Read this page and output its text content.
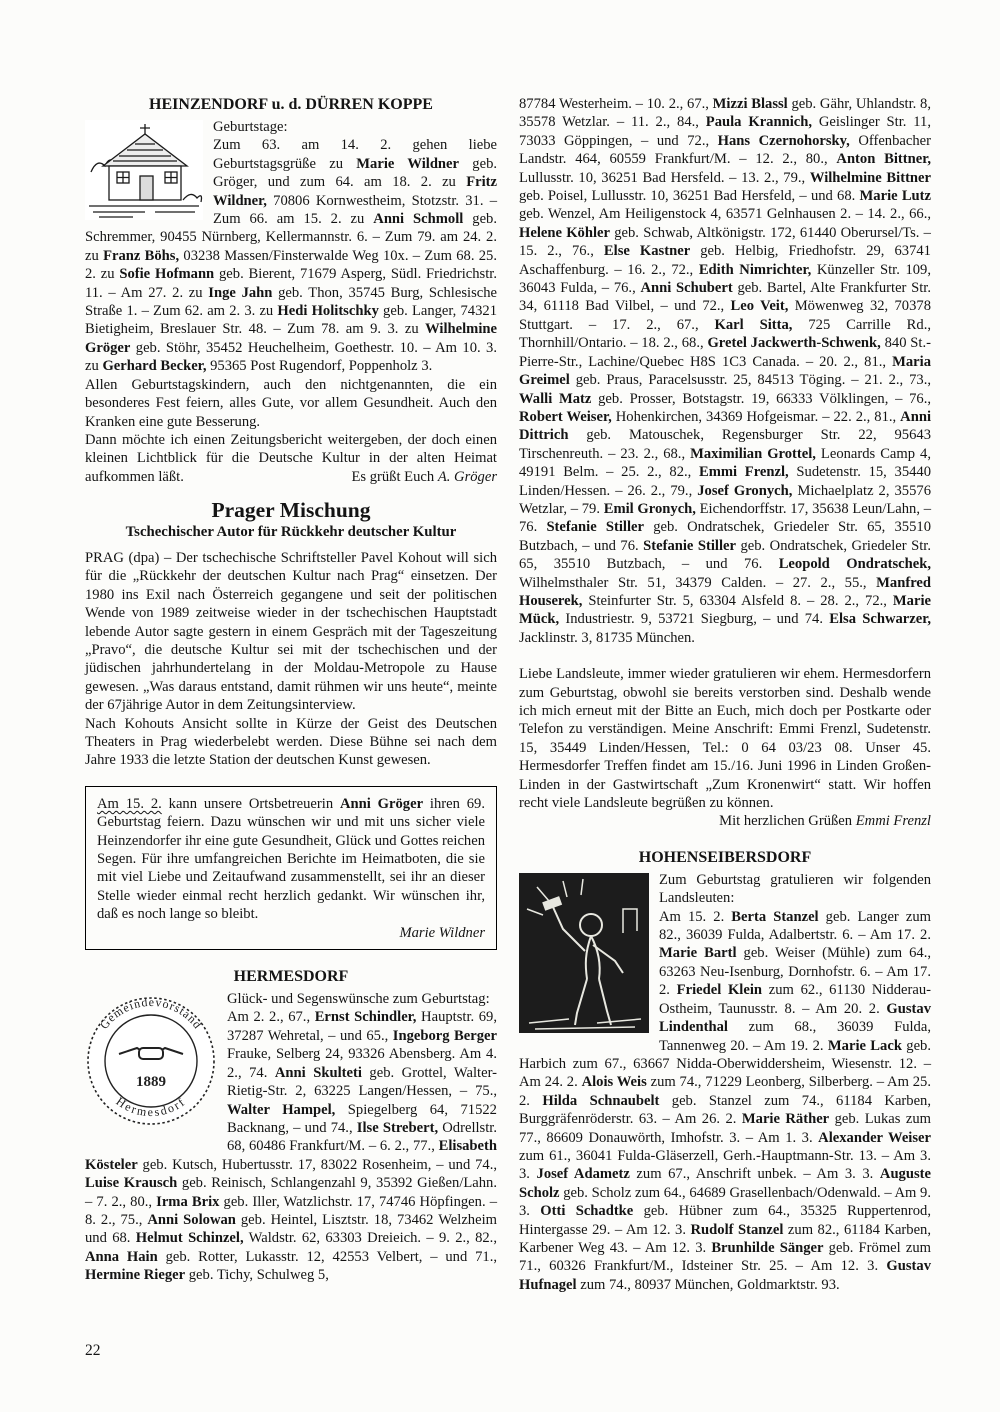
HEINZENDORF u. d. DÜRREN KOPPE
Geburtstage:
Zum 63. am 14. 2. gehen liebe Geburtstagsgrüße zu Marie Wildner geb. Gröger, und zum 64. am 18. 2. zu Fritz Wildner, 70806 Kornwestheim, Stotzstr. 31. – Zum 66. am 15. 2. zu Anni Schmoll geb. Schremmer, 90455 Nürnberg, Kellermannstr. 6. – Zum 79. am 24. 2. zu Franz Böhs, 03238 Massen/Finsterwalde Weg 10x. – Zum 68. 25. 2. zu Sofie Hofmann geb. Bierent, 71679 Asperg, Südl. Friedrichstr. 11. – Am 27. 2. zu Inge Jahn geb. Thon, 35745 Burg, Schlesische Straße 1. – Zum 62. am 2. 3. zu Hedi Holitschky geb. Langer, 74321 Bietigheim, Breslauer Str. 48. – Zum 78. am 9. 3. zu Wilhelmine Gröger geb. Stöhr, 35452 Heuchelheim, Goethestr. 10. – Am 10. 3. zu Gerhard Becker, 95365 Post Rugendorf, Poppenholz 3.
Allen Geburtstagskindern, auch den nichtgenannten, die ein besonderes Fest feiern, alles Gute, vor allem Gesundheit. Auch den Kranken eine gute Besserung.
Dann möchte ich einen Zeitungsbericht weitergeben, der doch einen kleinen Lichtblick für die Deutsche Kultur in der alten Heimat aufkommen läßt.	Es grüßt Euch A. Gröger
Prager Mischung
Tschechischer Autor für Rückkehr deutscher Kultur
PRAG (dpa) – Der tschechische Schriftsteller Pavel Kohout will sich für die „Rückkehr der deutschen Kultur nach Prag“ einsetzen. Der 1980 ins Exil nach Österreich gegangene und seit der politischen Wende von 1989 zeitweise wieder in der tschechischen Hauptstadt lebende Autor sagte gestern in einem Gespräch mit der Tageszeitung „Pravo“, die deutsche Kultur sei mit der tschechischen und der jüdischen jahrhundertelang in der Moldau-Metropole zu Hause gewesen. „Was daraus entstand, damit rühmen wir uns heute“, meinte der 67jährige Autor in dem Zeitungsinterview.
Nach Kohouts Ansicht sollte in Kürze der Geist des Deutschen Theaters in Prag wiederbelebt werden. Diese Bühne sei nach dem Jahre 1933 die letzte Station der deutschen Kunst gewesen.
Am 15. 2. kann unsere Ortsbetreuerin Anni Gröger ihren 69. Geburtstag feiern. Dazu wünschen wir und mit uns sicher viele Heinzendorfer ihr eine gute Gesundheit, Glück und Gottes reichen Segen. Für ihre umfangreichen Berichte im Heimatboten, die sie mit viel Liebe und Zeitaufwand zusammenstellt, sei ihr an dieser Stelle wieder einmal recht herzlich gedankt. Wir wünschen ihr, daß es noch lange so bleibt.
Marie Wildner
HERMESDORF
Gemeindevorstand
Hermesdorf
1889
Glück- und Segenswünsche zum Geburtstag:
Am 2. 2., 67., Ernst Schindler, Hauptstr. 69, 37287 Wehretal, – und 65., Ingeborg Berger Frauke, Selberg 24, 93326 Abensberg. Am 4. 2., 74. Anni Skulteti geb. Grottel, Walter-Rietig-Str. 2, 63225 Langen/Hessen, – 75., Walter Hampel, Spiegelberg 64, 71522 Backnang, – und 74., Ilse Strebert, Odrellstr. 68, 60486 Frankfurt/M. – 6. 2., 77., Elisabeth Kösteler geb. Kutsch, Hubertusstr. 17, 83022 Rosenheim, – und 74., Luise Krausch geb. Reinisch, Schlangenzahl 9, 35392 Gießen/Lahn. – 7. 2., 80., Irma Brix geb. Iller, Watzlichstr. 17, 74746 Höpfingen. – 8. 2., 75., Anni Solowan geb. Heintel, Lisztstr. 18, 73462 Welzheim und 68. Helmut Schinzel, Waldstr. 62, 63303 Dreieich. – 9. 2., 82., Anna Hain geb. Rotter, Lukasstr. 12, 42553 Velbert, – und 71., Hermine Rieger geb. Tichy, Schulweg 5,
87784 Westerheim. – 10. 2., 67., Mizzi Blassl geb. Gähr, Uhlandstr. 8, 35578 Wetzlar. – 11. 2., 84., Paula Krannich, Geislinger Str. 11, 73033 Göppingen, – und 72., Hans Czernohorsky, Offenbacher Landstr. 464, 60559 Frankfurt/M. – 12. 2., 80., Anton Bittner, Lullusstr. 10, 36251 Bad Hersfeld. – 13. 2., 79., Wilhelmine Bittner geb. Poisel, Lullusstr. 10, 36251 Bad Hersfeld, – und 68. Marie Lutz geb. Wenzel, Am Heiligenstock 4, 63571 Gelnhausen 2. – 14. 2., 66., Helene Köhler geb. Schwab, Altkönigstr. 172, 61440 Oberursel/Ts. – 15. 2., 76., Else Kastner geb. Helbig, Friedhofstr. 29, 63741 Aschaffenburg. – 16. 2., 72., Edith Nimrichter, Künzeller Str. 109, 36043 Fulda, – 76., Anni Schubert geb. Bartel, Alte Frankfurter Str. 34, 61118 Bad Vilbel, – und 72., Leo Veit, Möwenweg 32, 70378 Stuttgart. – 17. 2., 67., Karl Sitta, 725 Carrille Rd., Thornhill/Ontario. – 18. 2., 68., Gretel Jackwerth-Schwenk, 840 St.-Pierre-Str., Lachine/Quebec H8S 1C3 Canada. – 20. 2., 81., Maria Greimel geb. Praus, Paracelsusstr. 25, 84513 Töging. – 21. 2., 73., Walli Matz geb. Prosser, Botstagstr. 19, 66333 Völklingen, – 76., Robert Weiser, Hohenkirchen, 34369 Hofgeismar. – 22. 2., 81., Anni Dittrich geb. Matouschek, Regensburger Str. 22, 95643 Tirschenreuth. – 23. 2., 68., Maximilian Grottel, Leonards Camp 4, 49191 Belm. – 25. 2., 82., Emmi Frenzl, Sudetenstr. 15, 35440 Linden/Hessen. – 26. 2., 79., Josef Gronych, Michaelplatz 2, 35576 Wetzlar, – 79. Emil Gronych, Eichendorffstr. 17, 35638 Leun/Lahn, – 76. Stefanie Stiller geb. Ondratschek, Griedeler Str. 65, 35510 Butzbach, – und 76. Stefanie Stiller geb. Ondratschek, Griedeler Str. 65, 35510 Butzbach, – und 76. Leopold Ondratschek, Wilhelmsthaler Str. 51, 34379 Calden. – 27. 2., 55., Manfred Houserek, Steinfurter Str. 5, 63304 Alsfeld 8. – 28. 2., 72., Marie Mück, Industriestr. 9, 53721 Siegburg, – und 74. Elsa Schwarzer, Jacklinstr. 3, 81735 München.
Liebe Landsleute, immer wieder gratulieren wir ehem. Hermesdorfern zum Geburtstag, obwohl sie bereits verstorben sind. Deshalb wende ich mich erneut mit der Bitte an Euch, mich doch per Postkarte oder Telefon zu verständigen. Meine Anschrift: Emmi Frenzl, Sudetenstr. 15, 35449 Linden/Hessen, Tel.: 0 64 03/23 08. Unser 45. Hermesdorfer Treffen findet am 15./16. Juni 1996 in Linden Großen-Linden in der Gastwirtschaft „Zum Kronenwirt“ statt. Wir hoffen recht viele Landsleute begrüßen zu können.
Mit herzlichen Grüßen Emmi Frenzl
HOHENSEIBERSDORF
Zum Geburtstag gratulieren wir folgenden Landsleuten:
Am 15. 2. Berta Stanzel geb. Langer zum 82., 36039 Fulda, Adalbertstr. 6. – Am 17. 2. Marie Bartl geb. Weiser (Mühle) zum 64., 63263 Neu-Isenburg, Dornhofstr. 6. – Am 17. 2. Friedel Klein zum 62., 61130 Nidderau-Ostheim, Taunusstr. 8. – Am 20. 2. Gustav Lindenthal zum 68., 36039 Fulda, Tannenweg 20. – Am 19. 2. Marie Lack geb. Harbich zum 67., 63667 Nidda-Oberwiddersheim, Wiesenstr. 12. – Am 24. 2. Alois Weis zum 74., 71229 Leonberg, Silberberg. – Am 25. 2. Hilda Schnaubelt geb. Stanzel zum 74., 61184 Karben, Burggräfenröderstr. 63. – Am 26. 2. Marie Räther geb. Lukas zum 77., 86609 Donauwörth, Imhofstr. 3. – Am 1. 3. Alexander Weiser zum 61., 36041 Fulda-Gläserzell, Gerh.-Hauptmann-Str. 13. – Am 3. 3. Josef Adametz zum 67., Anschrift unbek. – Am 3. 3. Auguste Scholz geb. Scholz zum 64., 64689 Grasellenbach/Odenwald. – Am 9. 3. Otti Schadtke geb. Hübner zum 64., 35325 Ruppertenrod, Hintergasse 29. – Am 12. 3. Rudolf Stanzel zum 82., 61184 Karben, Karbener Weg 43. – Am 12. 3. Brunhilde Sänger geb. Frömel zum 71., 60326 Frankfurt/M., Idsteiner Str. 25. – Am 12. 3. Gustav Hufnagel zum 74., 80937 München, Goldmarktstr. 93.
22
